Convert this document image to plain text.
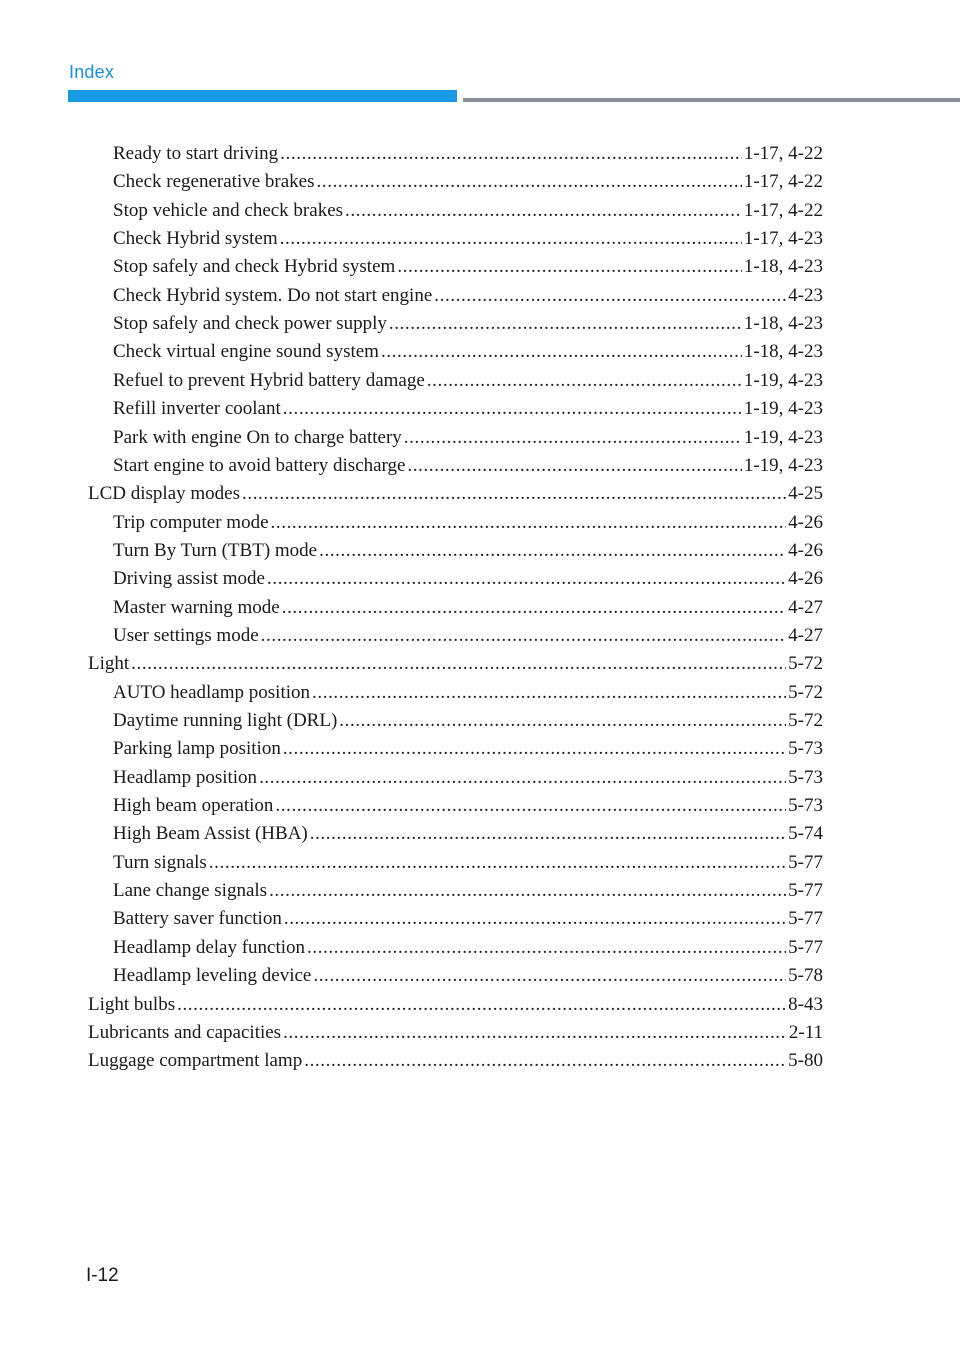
Index
Ready to start driving .....	1-17, 4-22
Check regenerative brakes .....	1-17, 4-22
Stop vehicle and check brakes .....	1-17, 4-22
Check Hybrid system .....	1-17, 4-23
Stop safely and check Hybrid system .....	1-18, 4-23
Check Hybrid system. Do not start engine .....	4-23
Stop safely and check power supply .....	1-18, 4-23
Check virtual engine sound system .....	1-18, 4-23
Refuel to prevent Hybrid battery damage .....	1-19, 4-23
Refill inverter coolant .....	1-19, 4-23
Park with engine On to charge battery .....	1-19, 4-23
Start engine to avoid battery discharge .....	1-19, 4-23
LCD display modes .....	4-25
Trip computer mode .....	4-26
Turn By Turn (TBT) mode .....	4-26
Driving assist mode .....	4-26
Master warning mode .....	4-27
User settings mode .....	4-27
Light .....	5-72
AUTO headlamp position .....	5-72
Daytime running light (DRL) .....	5-72
Parking lamp position .....	5-73
Headlamp position .....	5-73
High beam operation .....	5-73
High Beam Assist (HBA) .....	5-74
Turn signals .....	5-77
Lane change signals .....	5-77
Battery saver function .....	5-77
Headlamp delay function .....	5-77
Headlamp leveling device .....	5-78
Light bulbs .....	8-43
Lubricants and capacities .....	2-11
Luggage compartment lamp .....	5-80
I-12
